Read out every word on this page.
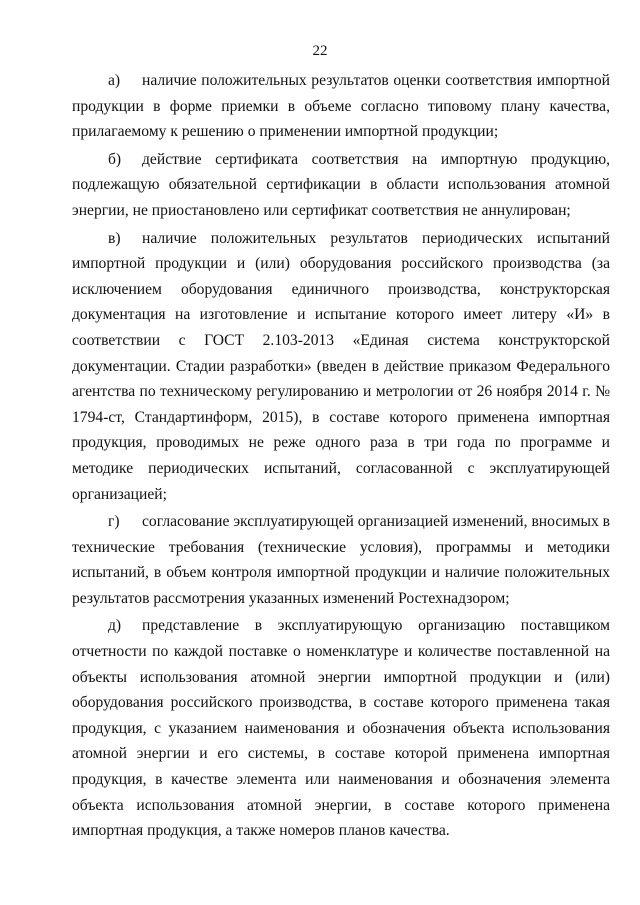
22

а) наличие положительных результатов оценки соответствия импортной продукции в форме приемки в объеме согласно типовому плану качества, прилагаемому к решению о применении импортной продукции;

б) действие сертификата соответствия на импортную продукцию, подлежащую обязательной сертификации в области использования атомной энергии, не приостановлено или сертификат соответствия не аннулирован;

в) наличие положительных результатов периодических испытаний импортной продукции и (или) оборудования российского производства (за исключением оборудования единичного производства, конструкторская документация на изготовление и испытание которого имеет литеру «И» в соответствии с ГОСТ 2.103-2013 «Единая система конструкторской документации. Стадии разработки» (введен в действие приказом Федерального агентства по техническому регулированию и метрологии от 26 ноября 2014 г. № 1794-ст, Стандартинформ, 2015), в составе которого применена импортная продукция, проводимых не реже одного раза в три года по программе и методике периодических испытаний, согласованной с эксплуатирующей организацией;

г) согласование эксплуатирующей организацией изменений, вносимых в технические требования (технические условия), программы и методики испытаний, в объем контроля импортной продукции и наличие положительных результатов рассмотрения указанных изменений Ростехнадзором;

д) представление в эксплуатирующую организацию поставщиком отчетности по каждой поставке о номенклатуре и количестве поставленной на объекты использования атомной энергии импортной продукции и (или) оборудования российского производства, в составе которого применена такая продукция, с указанием наименования и обозначения объекта использования атомной энергии и его системы, в составе которой применена импортная продукция, в качестве элемента или наименования и обозначения элемента объекта использования атомной энергии, в составе которого применена импортная продукция, а также номеров планов качества.
